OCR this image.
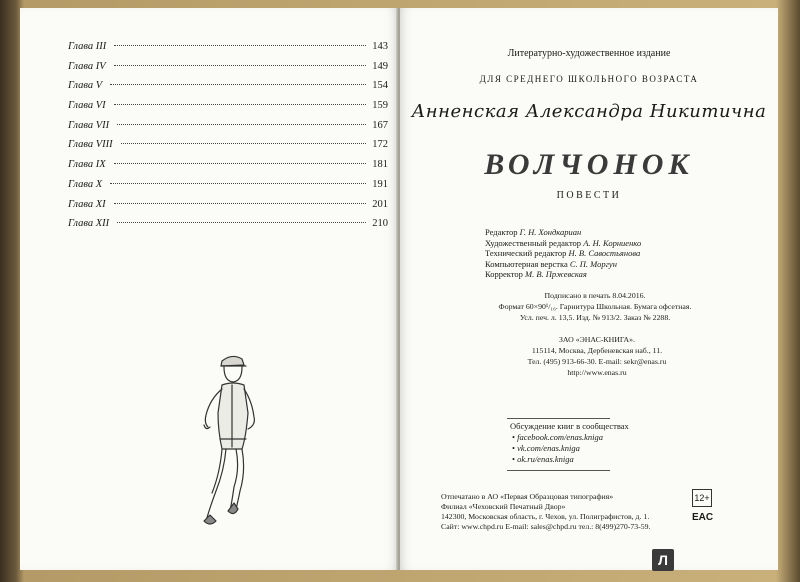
Глава III	143
Глава IV	149
Глава V	154
Глава VI	159
Глава VII	167
Глава VIII	172
Глава IX	181
Глава X	191
Глава XI	201
Глава XII	210
Литературно-художественное издание
ДЛЯ СРЕДНЕГО ШКОЛЬНОГО ВОЗРАСТА
Анненская Александра Никитична
ВОЛЧОНОК
ПОВЕСТИ
Редактор Г. Н. Хондкариан
Художественный редактор А. Н. Корниенко
Технический редактор Н. В. Савостьянова
Компьютерная верстка С. П. Моргун
Корректор М. В. Пржевская
Подписано в печать 8.04.2016.
Формат 60×90¹/₁₆. Гарнитура Школьная. Бумага офсетная.
Усл. печ. л. 13,5. Изд. № 913/2. Заказ № 2288.
ЗАО «ЭНАС-КНИГА».
115114, Москва, Дербеневская наб., 11.
Тел. (495) 913-66-30. E-mail: sekr@enas.ru
http://www.enas.ru
Обсуждение книг в сообществах
• facebook.com/enas.kniga
• vk.com/enas.kniga
• ok.ru/enas.kniga
Отпечатано в АО «Первая Образцовая типография»
Филиал «Чеховский Печатный Двор»
142300, Московская область, г. Чехов, ул. Полиграфистов, д. 1.
Сайт: www.chpd.ru E-mail: sales@chpd.ru тел.: 8(499)270-73-59.
12+
EAC
Л
